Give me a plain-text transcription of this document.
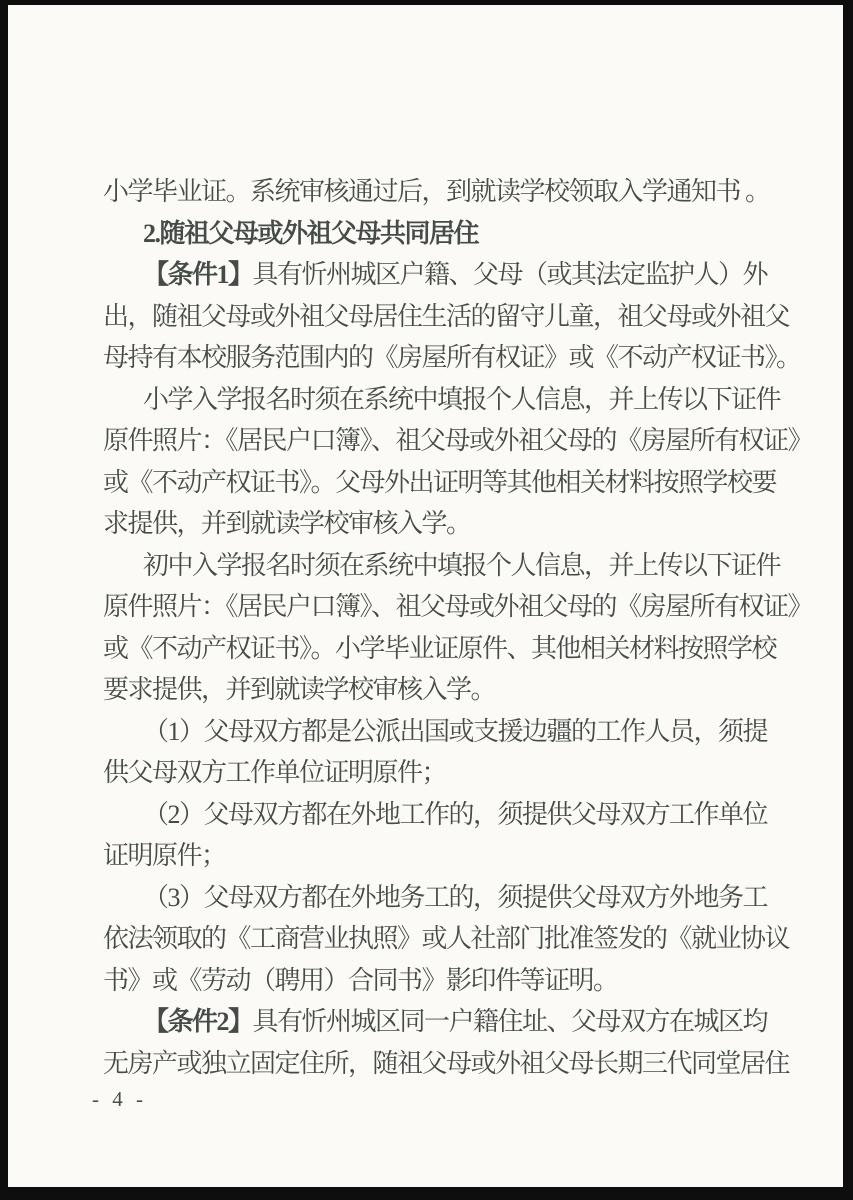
小学毕业证。系统审核通过后，到就读学校领取入学通知书 。
2.随祖父母或外祖父母共同居住
【条件1】具有忻州城区户籍、父母（或其法定监护人）外
出，随祖父母或外祖父母居住生活的留守儿童，祖父母或外祖父
母持有本校服务范围内的《房屋所有权证》或《不动产权证书》。
小学入学报名时须在系统中填报个人信息，并上传以下证件
原件照片：《居民户口簿》、祖父母或外祖父母的《房屋所有权证》
或《不动产权证书》。父母外出证明等其他相关材料按照学校要
求提供，并到就读学校审核入学。
初中入学报名时须在系统中填报个人信息，并上传以下证件
原件照片：《居民户口簿》、祖父母或外祖父母的《房屋所有权证》
或《不动产权证书》。小学毕业证原件、其他相关材料按照学校
要求提供，并到就读学校审核入学。
（1）父母双方都是公派出国或支援边疆的工作人员，须提
供父母双方工作单位证明原件；
（2）父母双方都在外地工作的，须提供父母双方工作单位
证明原件；
（3）父母双方都在外地务工的，须提供父母双方外地务工
依法领取的《工商营业执照》或人社部门批准签发的《就业协议
书》或《劳动（聘用）合同书》影印件等证明。
【条件2】具有忻州城区同一户籍住址、父母双方在城区均
无房产或独立固定住所，随祖父母或外祖父母长期三代同堂居住
- 4 -
